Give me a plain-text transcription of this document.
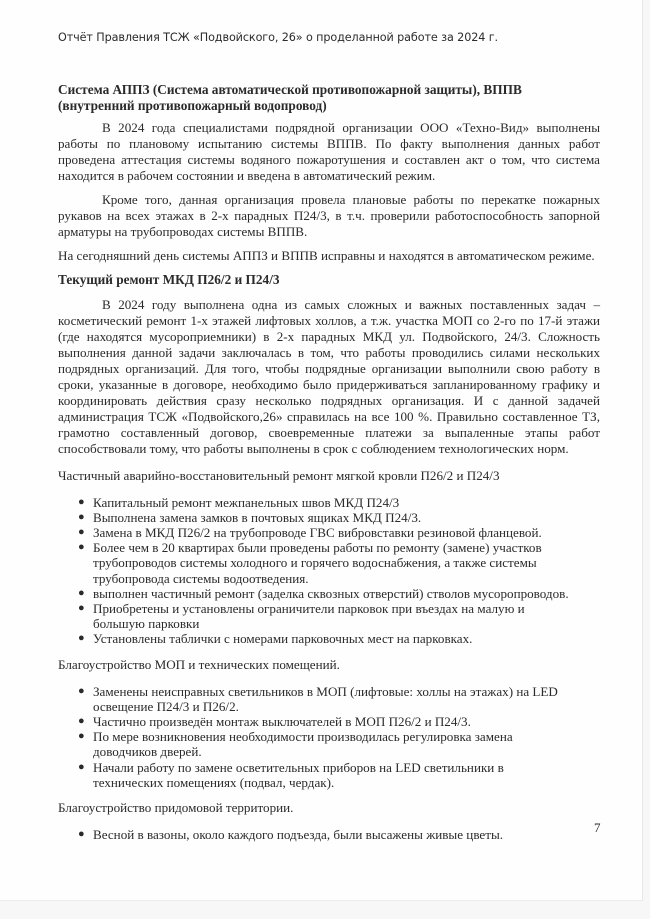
Отчёт Правления ТСЖ «Подвойского, 26» о проделанной работе за 2024 г.
Система АППЗ (Система автоматической противопожарной защиты), ВППВ (внутренний противопожарный водопровод)
В 2024 года специалистами подрядной организации ООО «Техно-Вид» выполнены работы по плановому испытанию системы ВППВ. По факту выполнения данных работ проведена аттестация системы водяного пожаротушения и составлен акт о том, что система находится в рабочем состоянии и введена в автоматический режим.
Кроме того, данная организация провела плановые работы по перекатке пожарных рукавов на всех этажах в 2-х парадных П24/3, в т.ч. проверили работоспособность запорной арматуры на трубопроводах системы ВППВ.
На сегодняшний день системы АППЗ и ВППВ исправны и находятся в автоматическом режиме.
Текущий ремонт МКД П26/2 и П24/3
В 2024 году выполнена одна из самых сложных и важных поставленных задач – косметический ремонт 1-х этажей лифтовых холлов, а т.ж. участка МОП со 2-го по 17-й этажи (где находятся мусороприемники) в 2-х парадных МКД ул. Подвойского, 24/3. Сложность выполнения данной задачи заключалась в том, что работы проводились силами нескольких подрядных организаций. Для того, чтобы подрядные организации выполнили свою работу в сроки, указанные в договоре, необходимо было придерживаться запланированному графику и координировать действия сразу несколько подрядных организация. И с данной задачей администрация ТСЖ «Подвойского,26» справилась на все 100 %. Правильно составленное ТЗ, грамотно составленный договор, своевременные платежи за выпаленные этапы работ способствовали тому, что работы выполнены в срок с соблюдением технологических норм.
Частичный аварийно-восстановительный ремонт мягкой кровли П26/2 и П24/3
● Капитальный ремонт межпанельных швов МКД П24/3
● Выполнена замена замков в почтовых ящиках МКД П24/3.
● Замена в МКД П26/2 на трубопроводе ГВС вибровставки резиновой фланцевой.
● Более чем в 20 квартирах были проведены работы по ремонту (замене) участков трубопроводов системы холодного и горячего водоснабжения, а также системы трубопровода системы водоотведения.
● выполнен частичный ремонт (заделка сквозных отверстий) стволов мусоропроводов.
● Приобретены и установлены ограничители парковок при въездах на малую и большую парковки
● Установлены таблички с номерами парковочных мест на парковках.
Благоустройство МОП и технических помещений.
● Заменены неисправных светильников в МОП (лифтовые: холлы на этажах) на LED освещение П24/3 и П26/2.
● Частично произведён монтаж выключателей в МОП П26/2 и П24/3.
● По мере возникновения необходимости производилась регулировка замена доводчиков дверей.
● Начали работу по замене осветительных приборов на LED светильники в технических помещениях (подвал, чердак).
Благоустройство придомовой территории.
● Весной в вазоны, около каждого подъезда, были высажены живые цветы.	7
